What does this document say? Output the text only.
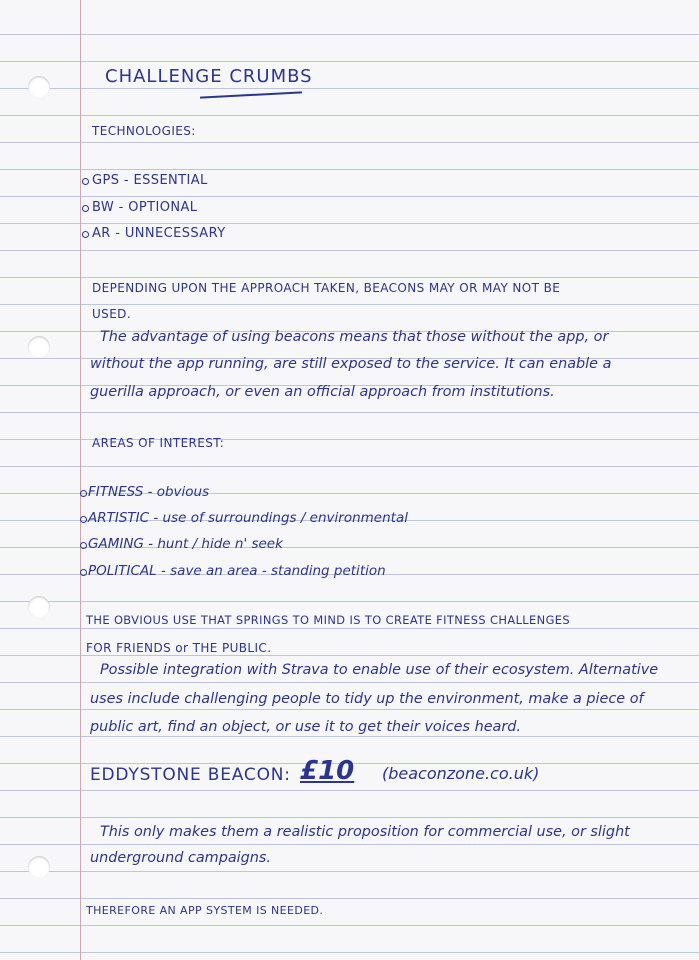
CHALLENGE CRUMBS
TECHNOLOGIES:
GPS - ESSENTIAL
BW - OPTIONAL
AR - UNNECESSARY
DEPENDING UPON THE APPROACH TAKEN, BEACONS MAY OR MAY NOT BE
USED.
The advantage of using beacons means that those without the app, or
without the app running, are still exposed to the service. It can enable a
guerilla approach, or even an official approach from institutions.
AREAS OF INTEREST:
FITNESS - obvious
ARTISTIC - use of surroundings / environmental
GAMING - hunt / hide n' seek
POLITICAL - save an area - standing petition
THE OBVIOUS USE THAT SPRINGS TO MIND IS TO CREATE FITNESS CHALLENGES
FOR FRIENDS or THE PUBLIC.
Possible integration with Strava to enable use of their ecosystem. Alternative
uses include challenging people to tidy up the environment, make a piece of
public art, find an object, or use it to get their voices heard.
EDDYSTONE BEACON: £10 (beaconzone.co.uk)
This only makes them a realistic proposition for commercial use, or slight
underground campaigns.
THEREFORE AN APP SYSTEM IS NEEDED.
